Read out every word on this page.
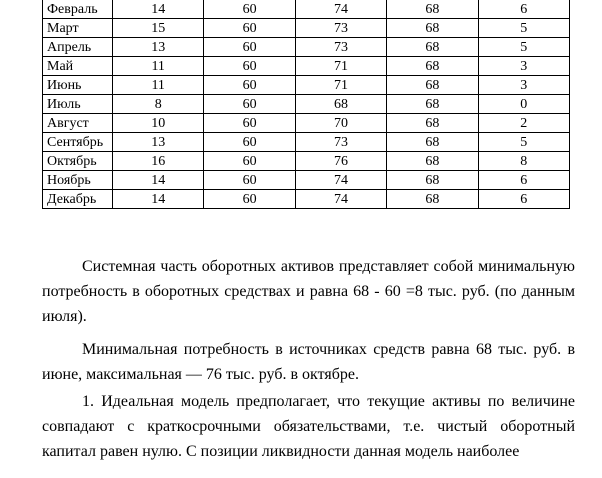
Февраль	14	60	74	68	6
Март	15	60	73	68	5
Апрель	13	60	73	68	5
Май	11	60	71	68	3
Июнь	11	60	71	68	3
Июль	8	60	68	68	0
Август	10	60	70	68	2
Сентябрь	13	60	73	68	5
Октябрь	16	60	76	68	8
Ноябрь	14	60	74	68	6
Декабрь	14	60	74	68	6

Системная часть оборотных активов представляет собой минимальную потребность в оборотных средствах и равна 68 - 60 =8 тыс. руб. (по данным июля).

Минимальная потребность в источниках средств равна 68 тыс. руб. в июне, максимальная — 76 тыс. руб. в октябре.

1. Идеальная модель предполагает, что текущие активы по величине совпадают с краткосрочными обязательствами, т.е. чистый оборотный капитал равен нулю. С позиции ликвидности данная модель наиболее
